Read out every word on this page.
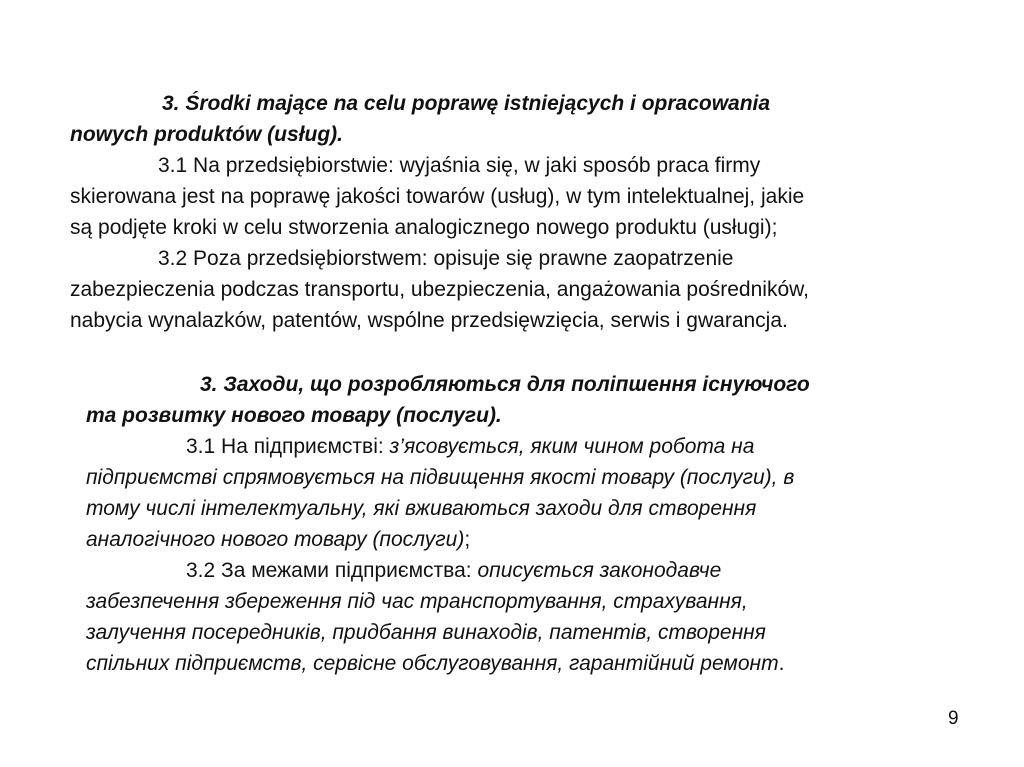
3. Środki mające na celu poprawę istniejących i opracowania
nowych produktów (usług).
3.1 Na przedsiębiorstwie: wyjaśnia się, w jaki sposób praca firmy
skierowana jest na poprawę jakości towarów (usług), w tym intelektualnej, jakie
są podjęte kroki w celu stworzenia analogicznego nowego produktu (usługi);
3.2 Poza przedsiębiorstwem: opisuje się prawne zaopatrzenie
zabezpieczenia podczas transportu, ubezpieczenia, angażowania pośredników,
nabycia wynalazków, patentów, wspólne przedsięwzięcia, serwis i gwarancja.
3. Заходи, що розробляються для поліпшення існуючого
та розвитку нового товару (послуги).
3.1 На підприємстві: з’ясовується, яким чином робота на
підприємстві спрямовується на підвищення якості товару (послуги), в
тому числі інтелектуальну, які вживаються заходи для створення
аналогічного нового товару (послуги);
3.2 За межами підприємства: описується законодавче
забезпечення збереження під час транспортування, страхування,
залучення посередників, придбання винаходів, патентів, створення
спільних підприємств, сервісне обслуговування, гарантійний ремонт.
9
